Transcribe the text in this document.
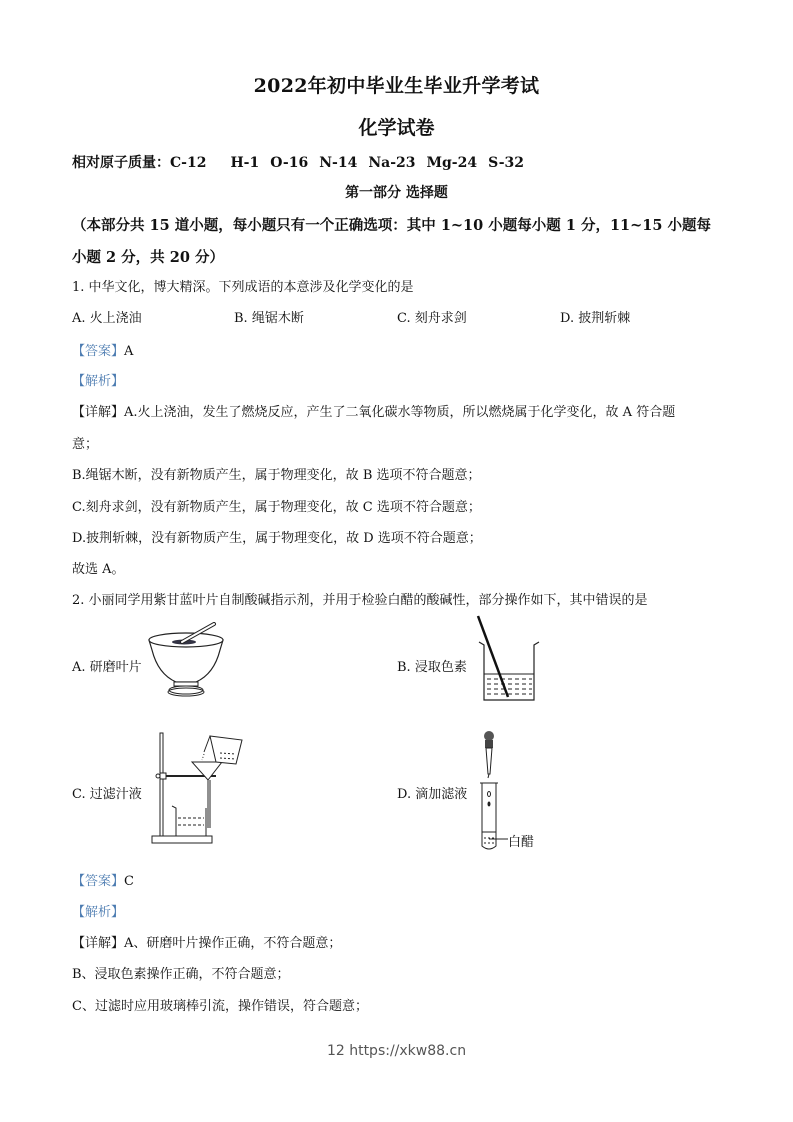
2022年初中毕业生毕业升学考试
化学试卷
相对原子质量：C-12 H-1 O-16 N-14 Na-23 Mg-24 S-32
第一部分 选择题
（本部分共 15 道小题，每小题只有一个正确选项：其中 1~10 小题每小题 1 分，11~15 小题每
小题 2 分，共 20 分）
1. 中华文化，博大精深。下列成语的本意涉及化学变化的是
A. 火上浇油	B. 绳锯木断	C. 刻舟求剑	D. 披荆斩棘
【答案】A
【解析】
【详解】A.火上浇油，发生了燃烧反应，产生了二氧化碳水等物质，所以燃烧属于化学变化，故 A 符合题
意；
B.绳锯木断，没有新物质产生，属于物理变化，故 B 选项不符合题意；
C.刻舟求剑，没有新物质产生，属于物理变化，故 C 选项不符合题意；
D.披荆斩棘，没有新物质产生，属于物理变化，故 D 选项不符合题意；
故选 A。
2. 小丽同学用紫甘蓝叶片自制酸碱指示剂，并用于检验白醋的酸碱性，部分操作如下，其中错误的是
A. 研磨叶片	B. 浸取色素
C. 过滤汁液	D. 滴加滤液
白醋
【答案】C
【解析】
【详解】A、研磨叶片操作正确，不符合题意；
B、浸取色素操作正确，不符合题意；
C、过滤时应用玻璃棒引流，操作错误，符合题意；
12 https://xkw88.cn
